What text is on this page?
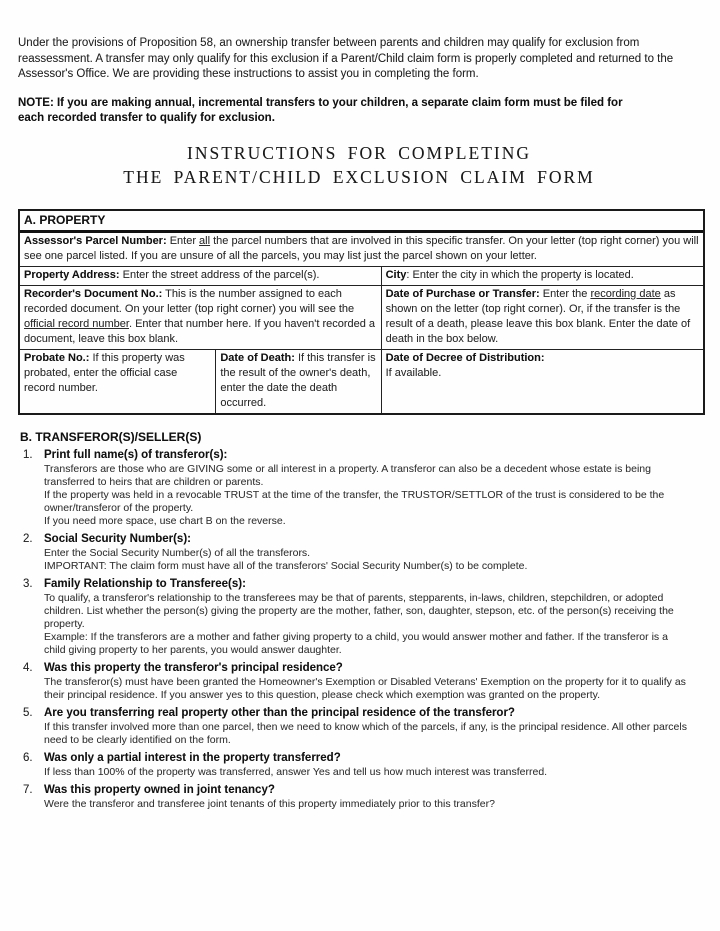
Under the provisions of Proposition 58, an ownership transfer between parents and children may qualify for exclusion from reassessment. A transfer may only qualify for this exclusion if a Parent/Child claim form is properly completed and returned to the Assessor's Office. We are providing these instructions to assist you in completing the form.

NOTE: If you are making annual, incremental transfers to your children, a separate claim form must be filed for each recorded transfer to qualify for exclusion.

INSTRUCTIONS FOR COMPLETING
THE PARENT/CHILD EXCLUSION CLAIM FORM
A. PROPERTY
Assessor's Parcel Number: Enter all the parcel numbers that are involved in this specific transfer. On your letter (top right corner) you will see one parcel listed. If you are unsure of all the parcels, you may list just the parcel shown on your letter.
Property Address: Enter the street address of the parcel(s).	City: Enter the city in which the property is located.
Recorder's Document No.: This is the number assigned to each recorded document. On your letter (top right corner) you will see the official record number. Enter that number here. If you haven't recorded a document, leave this box blank.
Date of Purchase or Transfer: Enter the recording date as shown on the letter (top right corner). Or, if the transfer is the result of a death, please leave this box blank. Enter the date of death in the box below.
Probate No.: If this property was probated, enter the official case record number.
Date of Death: If this transfer is the result of the owner's death, enter the date the death occurred.
Date of Decree of Distribution:
If available.
B. TRANSFEROR(S)/SELLER(S)
1. Print full name(s) of transferor(s):

Transferors are those who are GIVING some or all interest in a property. A transferor can also be a decedent whose estate is being transferred to heirs that are children or parents.

If the property was held in a revocable TRUST at the time of the transfer, the TRUSTOR/SETTLOR of the trust is considered to be the owner/transferor of the property.

If you need more space, use chart B on the reverse.

2. Social Security Number(s):

Enter the Social Security Number(s) of all the transferors.

IMPORTANT: The claim form must have all of the transferors' Social Security Number(s) to be complete.

3. Family Relationship to Transferee(s):

To qualify, a transferor's relationship to the transferees may be that of parents, stepparents, in-laws, children, stepchildren, or adopted children. List whether the person(s) giving the property are the mother, father, son, daughter, stepson, etc. of the person(s) receiving the property.

Example: If the transferors are a mother and father giving property to a child, you would answer mother and father. If the transferor is a child giving property to her parents, you would answer daughter.

4. Was this property the transferor's principal residence?

The transferor(s) must have been granted the Homeowner's Exemption or Disabled Veterans' Exemption on the property for it to qualify as their principal residence. If you answer yes to this question, please check which exemption was granted on the property.

5. Are you transferring real property other than the principal residence of the transferor?

If this transfer involved more than one parcel, then we need to know which of the parcels, if any, is the principal residence. All other parcels need to be clearly identified on the form.

6. Was only a partial interest in the property transferred?

If less than 100% of the property was transferred, answer Yes and tell us how much interest was transferred.

7. Was this property owned in joint tenancy?

Were the transferor and transferee joint tenants of this property immediately prior to this transfer?
